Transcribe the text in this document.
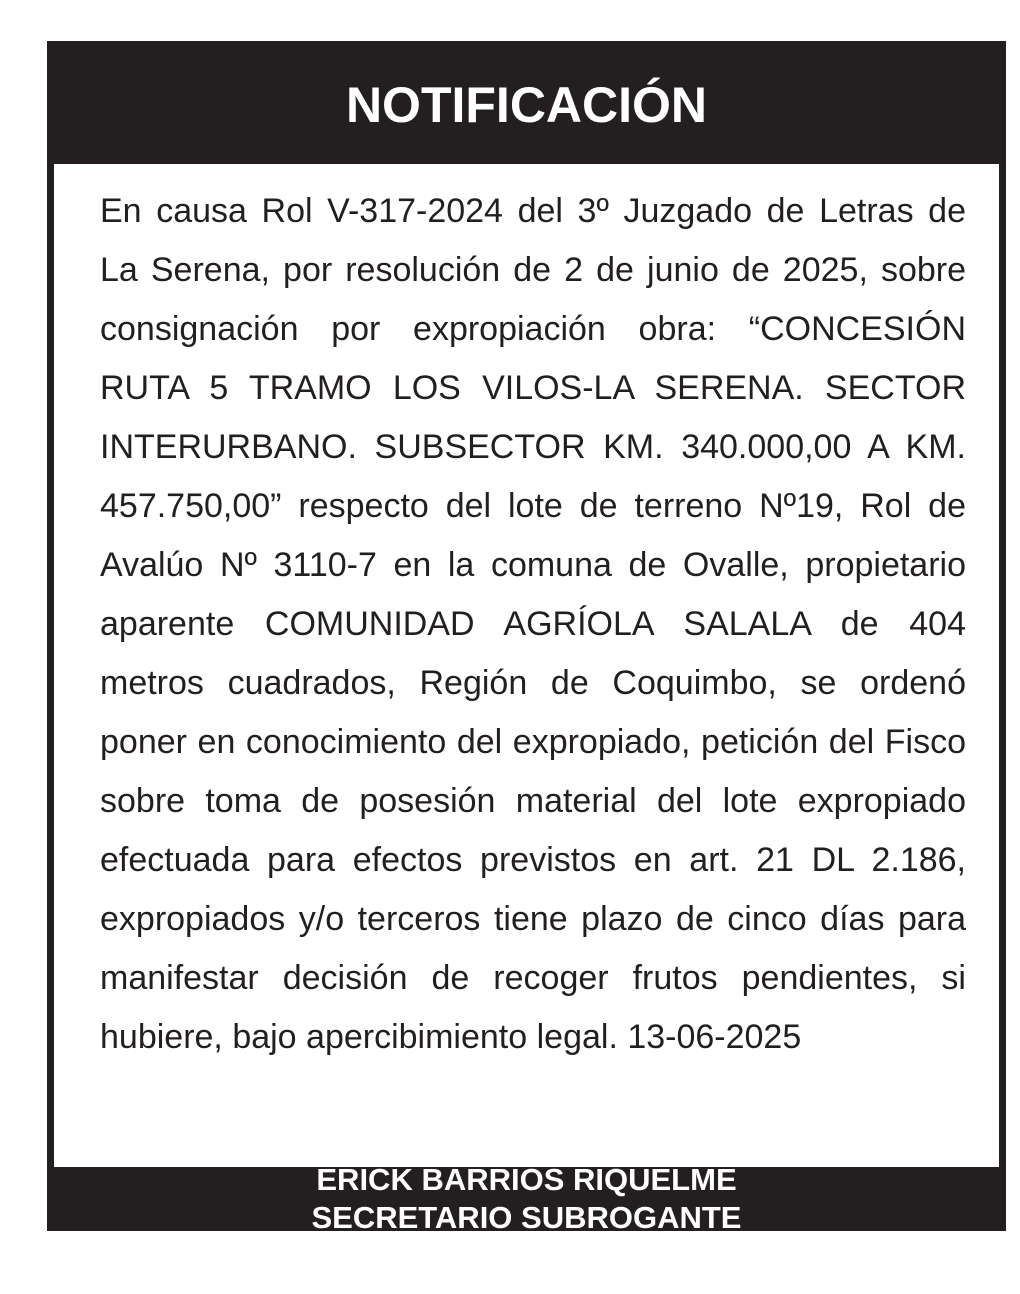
NOTIFICACIÓN

En causa Rol V-317-2024 del 3º Juzgado de Letras de La Serena, por resolución de 2 de junio de 2025, sobre consignación por expropiación obra: “CONCESIÓN RUTA 5 TRAMO LOS VILOS-LA SERENA. SECTOR INTERURBANO. SUBSECTOR KM. 340.000,00 A KM. 457.750,00” respecto del lote de terreno Nº19, Rol de Avalúo Nº 3110-7 en la comuna de Ovalle, propietario aparente COMUNIDAD AGRÍOLA SALALA de 404 metros cuadrados, Región de Coquimbo, se ordenó poner en conocimiento del expropiado, petición del Fisco sobre toma de posesión material del lote expropiado efectuada para efectos previstos en art. 21 DL 2.186, expropiados y/o terceros tiene plazo de cinco días para manifestar decisión de recoger frutos pendientes, si hubiere, bajo apercibimiento legal. 13-06-2025

ERICK BARRIOS RIQUELME
SECRETARIO SUBROGANTE
